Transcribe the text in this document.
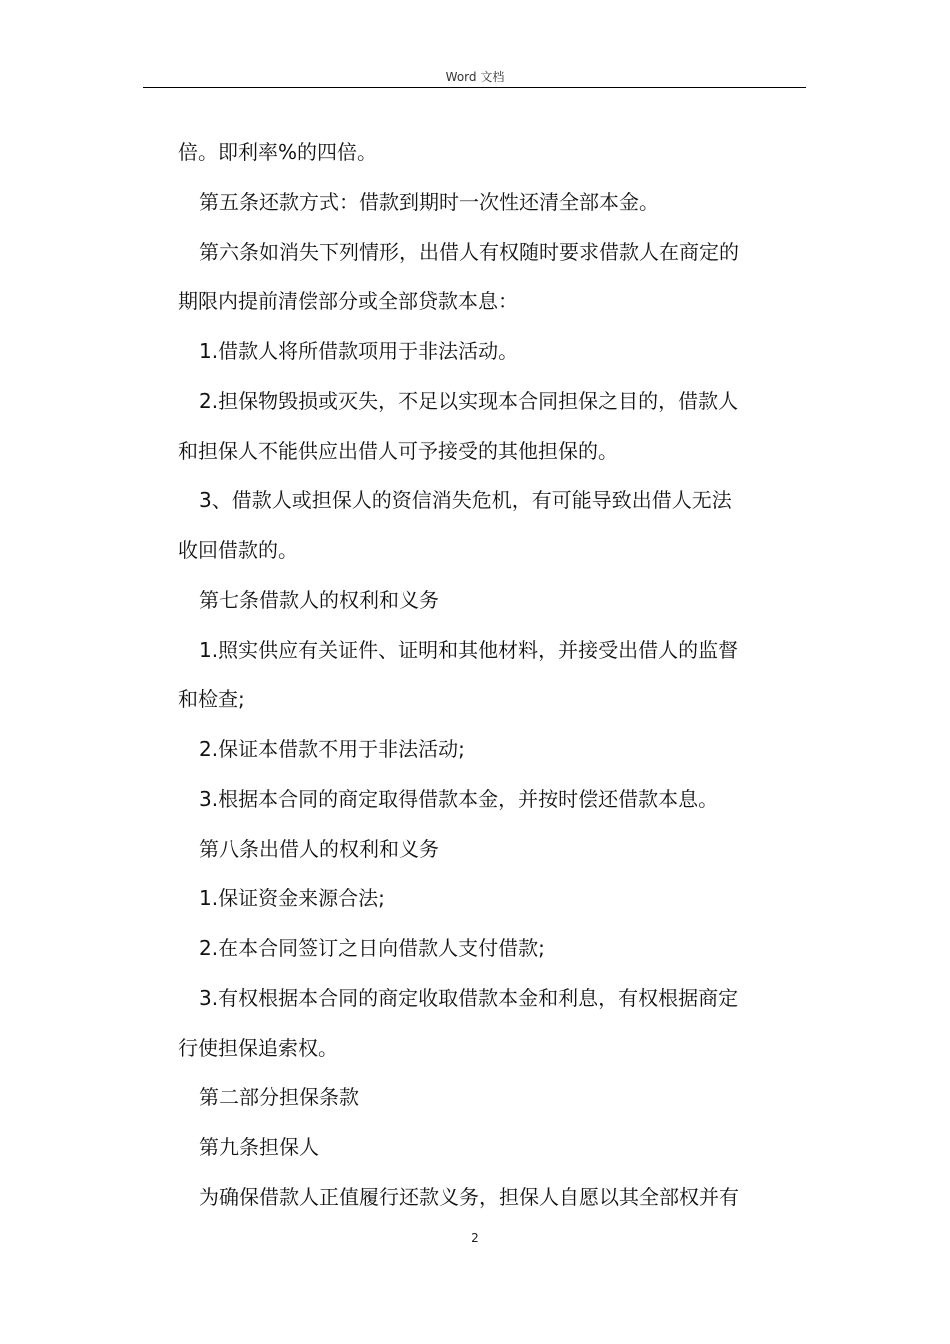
Word 文档
倍。即利率%的四倍。
第五条还款方式：借款到期时一次性还清全部本金。
第六条如消失下列情形，出借人有权随时要求借款人在商定的
期限内提前清偿部分或全部贷款本息：
1.借款人将所借款项用于非法活动。
2.担保物毁损或灭失，不足以实现本合同担保之目的，借款人
和担保人不能供应出借人可予接受的其他担保的。
3、借款人或担保人的资信消失危机，有可能导致出借人无法
收回借款的。
第七条借款人的权利和义务
1.照实供应有关证件、证明和其他材料，并接受出借人的监督
和检查;
2.保证本借款不用于非法活动;
3.根据本合同的商定取得借款本金，并按时偿还借款本息。
第八条出借人的权利和义务
1.保证资金来源合法;
2.在本合同签订之日向借款人支付借款;
3.有权根据本合同的商定收取借款本金和利息，有权根据商定
行使担保追索权。
第二部分担保条款
第九条担保人
为确保借款人正值履行还款义务，担保人自愿以其全部权并有
2
